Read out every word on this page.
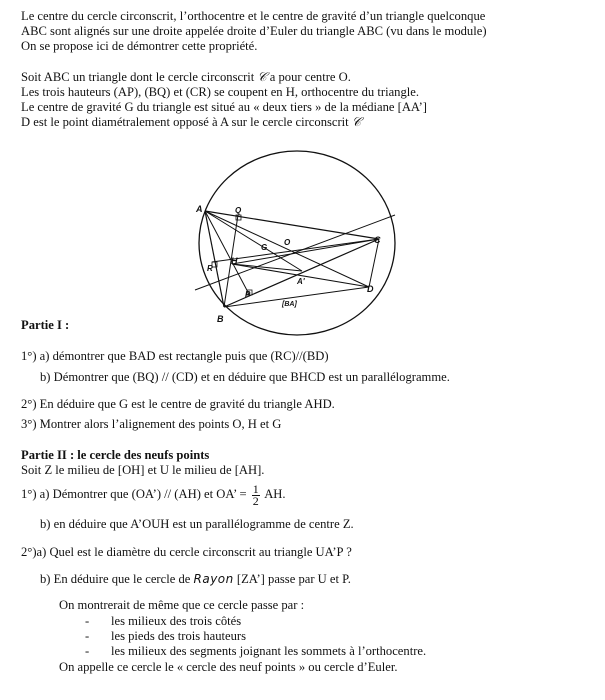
Le centre du cercle circonscrit, l’orthocentre et le centre de gravité d’un triangle quelconque
ABC sont alignés sur une droite appelée droite d’Euler du triangle ABC (vu dans le module)
On se propose ici de démontrer cette propriété.
Soit ABC un triangle dont le cercle circonscrit 𝒞 a pour centre O.
Les trois hauteurs (AP), (BQ) et (CR) se coupent en H, orthocentre du triangle.
Le centre de gravité G du triangle est situé au « deux tiers » de la médiane [AA’]
D est le point diamétralement opposé à A sur le cercle circonscrit 𝒞
A	Q
G
O	C
R
H
A'
D
P
[BA]
B
Partie I :
1°) a) démontrer que BAD est rectangle puis que (RC)//(BD)
b) Démontrer que (BQ) // (CD) et en déduire que BHCD est un parallélogramme.
2°) En déduire que G est le centre de gravité du triangle AHD.
3°) Montrer alors l’alignement des points O, H et G
Partie II : le cercle des neufs points
Soit Z le milieu de [OH] et U le milieu de [AH].
1°) a) Démontrer que (OA’) // (AH) et OA’ = $\frac{1}{2}$ AH.
b) en déduire que A’OUH est un parallélogramme de centre Z.
2°)a) Quel est le diamètre du cercle circonscrit au triangle UA’P ?
b) En déduire que le cercle de Rayon [ZA’] passe par U et P.
On montrerait de même que ce cercle passe par :
- les milieux des trois côtés
- les pieds des trois hauteurs
- les milieux des segments joignant les sommets à l’orthocentre.
On appelle ce cercle le « cercle des neuf points » ou cercle d’Euler.
